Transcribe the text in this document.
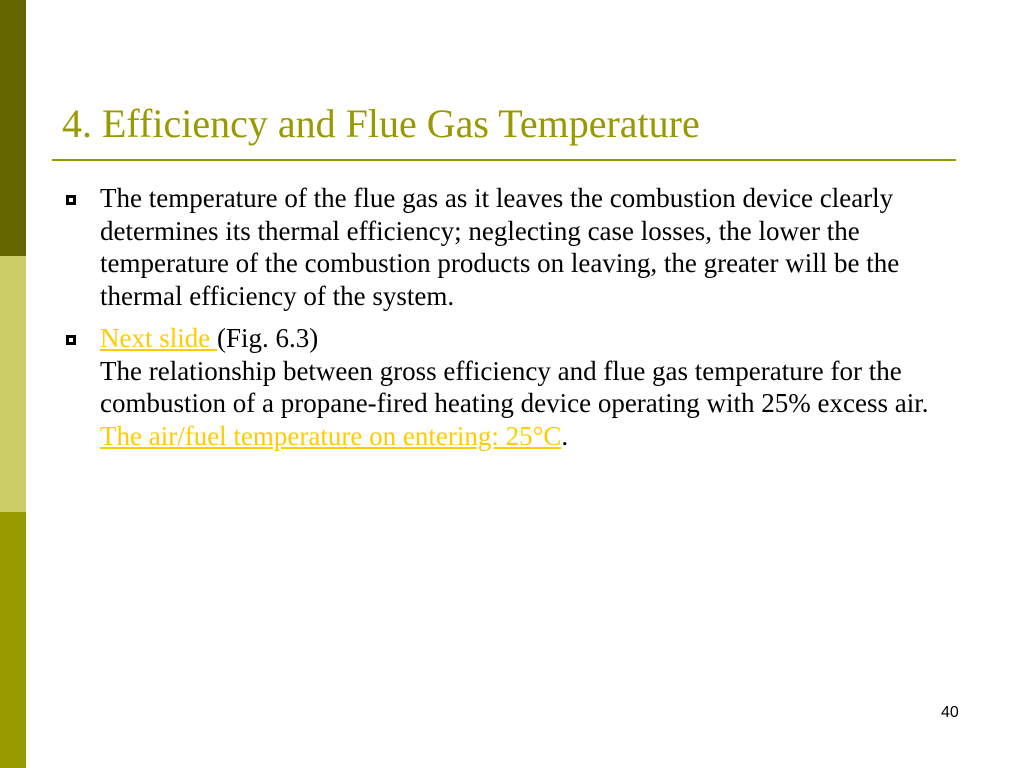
4. Efficiency and Flue Gas Temperature
The temperature of the flue gas as it leaves the combustion device clearly determines its thermal efficiency; neglecting case losses, the lower the temperature of the combustion products on leaving, the greater will be the thermal efficiency of the system.
Next slide (Fig. 6.3)
The relationship between gross efficiency and flue gas temperature for the combustion of a propane-fired heating device operating with 25% excess air.
The air/fuel temperature on entering: 25°C.
40
